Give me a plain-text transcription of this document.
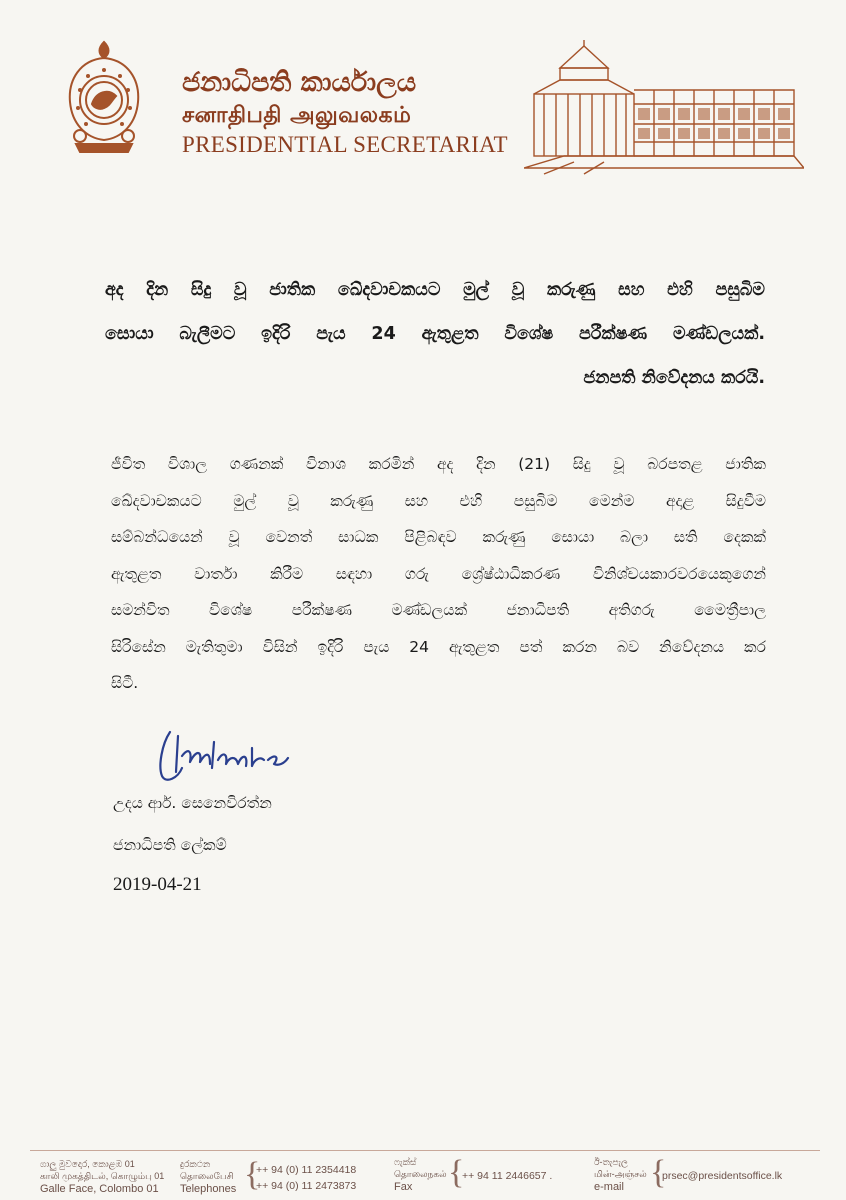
ජනාධිපති කාර්යාලය
சனாதிபதி அலுவலகம்
PRESIDENTIAL SECRETARIAT
අද දින සිදු වූ ජාතික ඛේදවාචකයට මුල් වූ කරුණු සහ එහි පසුබිම
සොයා බැලීමට ඉදිරි පැය 24 ඇතුළත විශේෂ පරීක්ෂණ මණ්ඩලයක්.
ජනපති නිවේදනය කරයි.
ජීවිත විශාල ගණනක් විනාශ කරමින් අද දින (21) සිදු වූ බරපතළ ජාතික
ඛේදවාචකයට මුල් වූ කරුණු සහ එහි පසුබිම මෙන්ම අදාළ සිදුවීම
සම්බන්ධයෙන් වූ වෙනත් සාධක පිළිබඳව කරුණු සොයා බලා සති දෙකක්
ඇතුළත වාර්තා කිරීම සඳහා ගරු ශ්‍රේෂ්ඨාධිකරණ විනිශ්චයකාරවරයෙකුගෙන්
සමන්විත විශේෂ පරීක්ෂණ මණ්ඩලයක් ජනාධිපති අතිගරු මෛත්‍රීපාල
සිරිසේන මැතිතුමා විසින් ඉදිරි පැය 24 ඇතුළත පත් කරන බව නිවේදනය කර
සිටී.
උදය ආර්. සෙනෙවිරත්න
ජනාධිපති ලේකම්
2019-04-21
ගාලු මුවදොර, කොළඹ 01
காலி முகத்திடல், கொழும்பு 01
Galle Face, Colombo 01
දුරකථන
தொலைபேசி
Telephones {
++ 94 (0) 11 2354418
++ 94 (0) 11 2473873
ෆැක්ස්
தொலைநகல்
Fax	{
++ 94 11 2446657 .
ඊ-තැපැල
மின்-அஞ்சல்
e-mail {
prsec@presidentsoffice.lk
